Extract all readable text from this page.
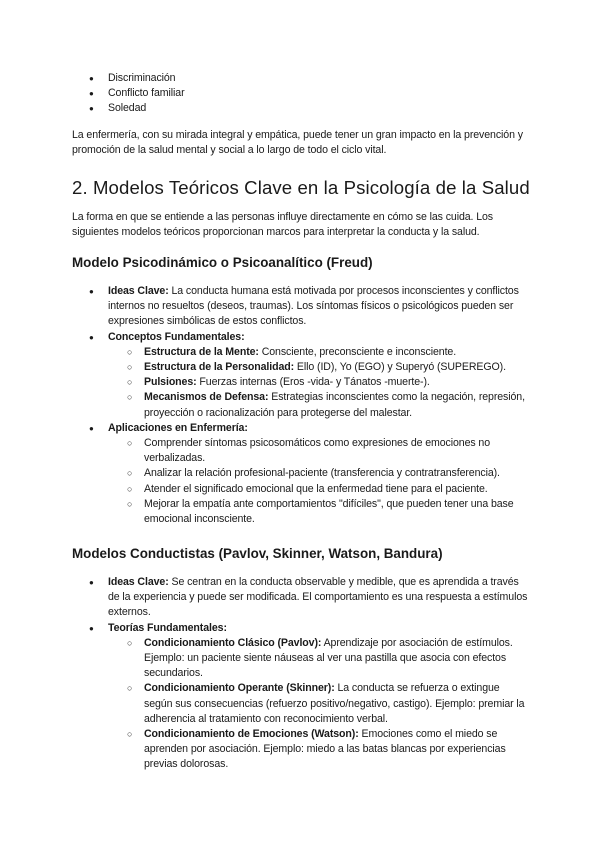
● Discriminación
● Conflicto familiar
● Soledad

La enfermería, con su mirada integral y empática, puede tener un gran impacto en la prevención y promoción de la salud mental y social a lo largo de todo el ciclo vital.

2. Modelos Teóricos Clave en la Psicología de la Salud

La forma en que se entiende a las personas influye directamente en cómo se las cuida. Los siguientes modelos teóricos proporcionan marcos para interpretar la conducta y la salud.

Modelo Psicodinámico o Psicoanalítico (Freud)
● Ideas Clave: La conducta humana está motivada por procesos inconscientes y conflictos internos no resueltos (deseos, traumas). Los síntomas físicos o psicológicos pueden ser expresiones simbólicas de estos conflictos.
● Conceptos Fundamentales:
○ Estructura de la Mente: Consciente, preconsciente e inconsciente.
○ Estructura de la Personalidad: Ello (ID), Yo (EGO) y Superyó (SUPEREGO).
○ Pulsiones: Fuerzas internas (Eros -vida- y Tánatos -muerte-).
○ Mecanismos de Defensa: Estrategias inconscientes como la negación, represión, proyección o racionalización para protegerse del malestar.
● Aplicaciones en Enfermería:
○ Comprender síntomas psicosomáticos como expresiones de emociones no verbalizadas.
○ Analizar la relación profesional-paciente (transferencia y contratransferencia).
○ Atender el significado emocional que la enfermedad tiene para el paciente.
○ Mejorar la empatía ante comportamientos "difíciles", que pueden tener una base emocional inconsciente.
Modelos Conductistas (Pavlov, Skinner, Watson, Bandura)
● Ideas Clave: Se centran en la conducta observable y medible, que es aprendida a través de la experiencia y puede ser modificada. El comportamiento es una respuesta a estímulos externos.
● Teorías Fundamentales:
○ Condicionamiento Clásico (Pavlov): Aprendizaje por asociación de estímulos. Ejemplo: un paciente siente náuseas al ver una pastilla que asocia con efectos secundarios.
○ Condicionamiento Operante (Skinner): La conducta se refuerza o extingue según sus consecuencias (refuerzo positivo/negativo, castigo). Ejemplo: premiar la adherencia al tratamiento con reconocimiento verbal.
○ Condicionamiento de Emociones (Watson): Emociones como el miedo se aprenden por asociación. Ejemplo: miedo a las batas blancas por experiencias previas dolorosas.
